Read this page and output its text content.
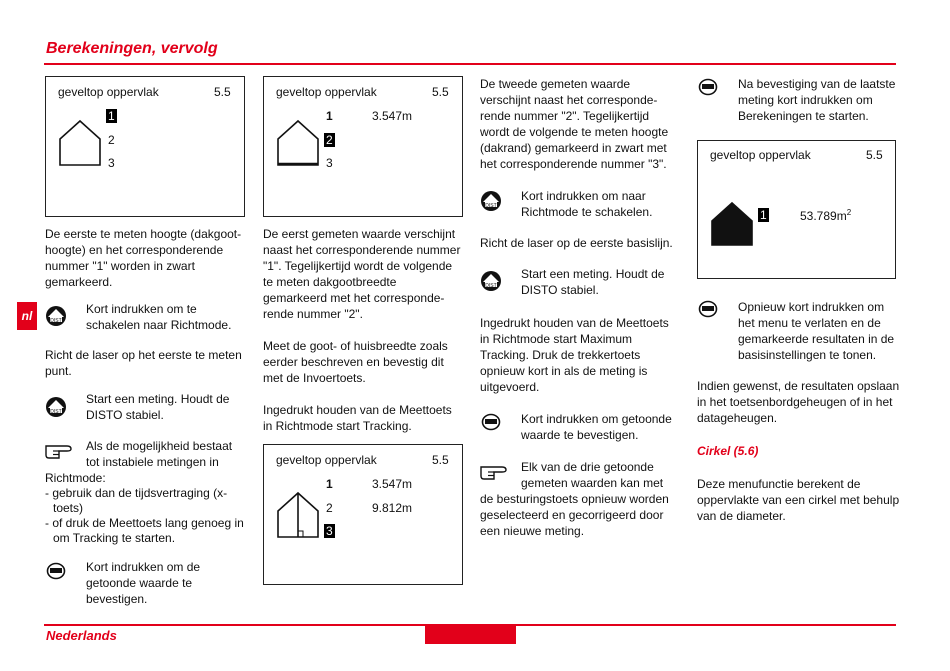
Berekeningen, vervolg
nl
geveltop oppervlak	5.5
1
2
3
De eerste te meten hoogte (dakgoot-hoogte) en het corresponderende nummer "1" worden in zwart gemarkeerd.
DIST
Kort indrukken om te schakelen naar Richtmode.
Richt de laser op het eerste te meten punt.
DIST
Start een meting. Houdt de DISTO stabiel.
Als de mogelijkheid bestaat tot instabiele metingen in
Richtmode:
- gebruik dan de tijdsvertraging (x-
toets)
- of druk de Meettoets lang genoeg in
om Tracking te starten.
Kort indrukken om de getoonde waarde te bevestigen.
geveltop oppervlak	5.5
1	3.547m
2
3
De eerst gemeten waarde verschijnt naast het corresponderende nummer "1". Tegelijkertijd wordt de volgende te meten dakgootbreedte gemarkeerd met het corresponde-rende nummer "2".
Meet de goot- of huisbreedte zoals eerder beschreven en bevestig dit met de Invoertoets.
Ingedrukt houden van de Meettoets in Richtmode start Tracking.
geveltop oppervlak	5.5
1	3.547m
2	9.812m
3
De tweede gemeten waarde verschijnt naast het corresponde-rende nummer "2". Tegelijkertijd wordt de volgende te meten hoogte (dakrand) gemarkeerd in zwart met het corresponderende nummer "3".
DIST
Kort indrukken om naar Richtmode te schakelen.
Richt de laser op de eerste basislijn.
DIST
Start een meting. Houdt de DISTO stabiel.
Ingedrukt houden van de Meettoets in Richtmode start Maximum Tracking. Druk de trekkertoets opnieuw kort in als de meting is uitgevoerd.
Kort indrukken om getoonde waarde te bevestigen.
Elk van de drie getoonde
gemeten waarden kan met
de besturingstoets opnieuw worden geselecteerd en gecorrigeerd door een nieuwe meting.
Na bevestiging van de laatste meting kort indrukken om Berekeningen te starten.
geveltop oppervlak	5.5
1	$53.789m^2$
Opnieuw kort indrukken om het menu te verlaten en de gemarkeerde resultaten in de basisinstellingen te tonen.
Indien gewenst, de resultaten opslaan in het toetsenbordgeheugen of in het datageheugen.
Cirkel (5.6)
Deze menufunctie berekent de oppervlakte van een cirkel met behulp van de diameter.
Nederlands
